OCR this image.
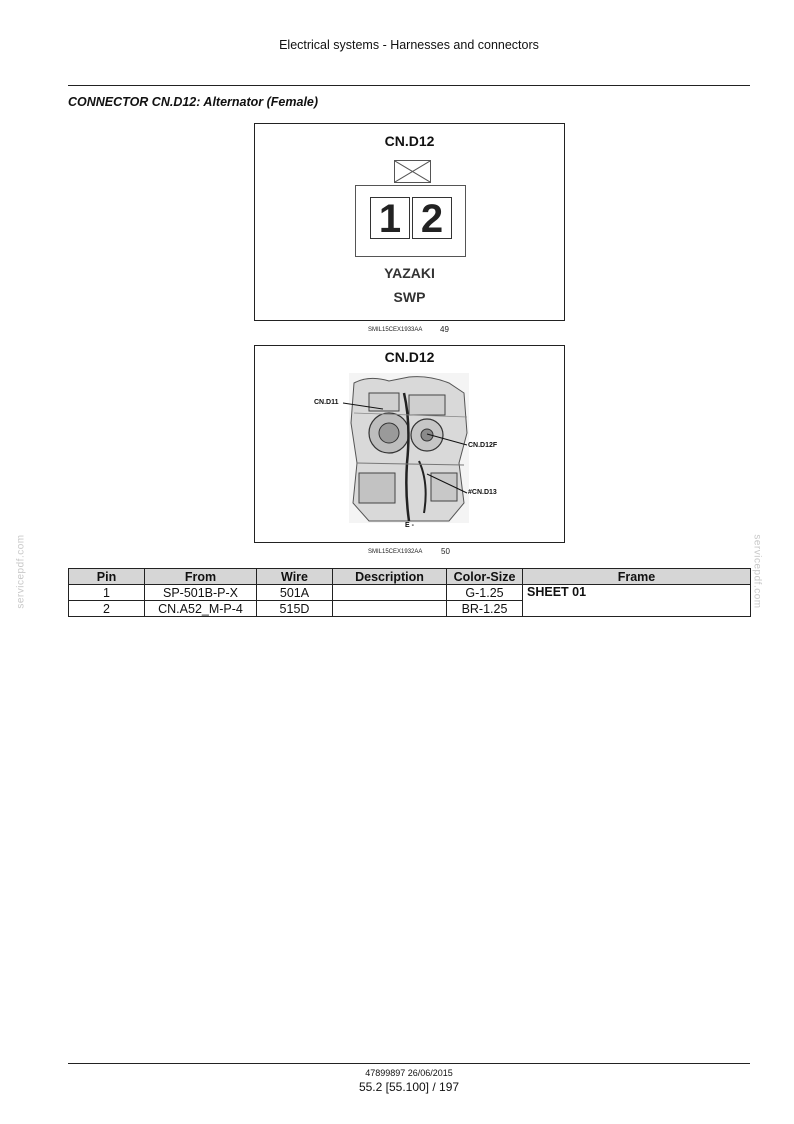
Electrical systems - Harnesses and connectors
CONNECTOR CN.D12: Alternator (Female)
CN.D12
1 2
YAZAKI
SWP
SMIL15CEX1933AA 49
CN.D12
CN.D11
CN.D12F
#CN.D13
E -
SMIL15CEX1932AA 50
Pin	From	Wire	Description	Color-Size	Frame
1	SP-501B-P-X	501A		G-1.25	SHEET 01
2	CN.A52_M-P-4	515D		BR-1.25	
47899897 26/06/2015
55.2 [55.100] / 197
servicepdf.com	servicepdf.com
